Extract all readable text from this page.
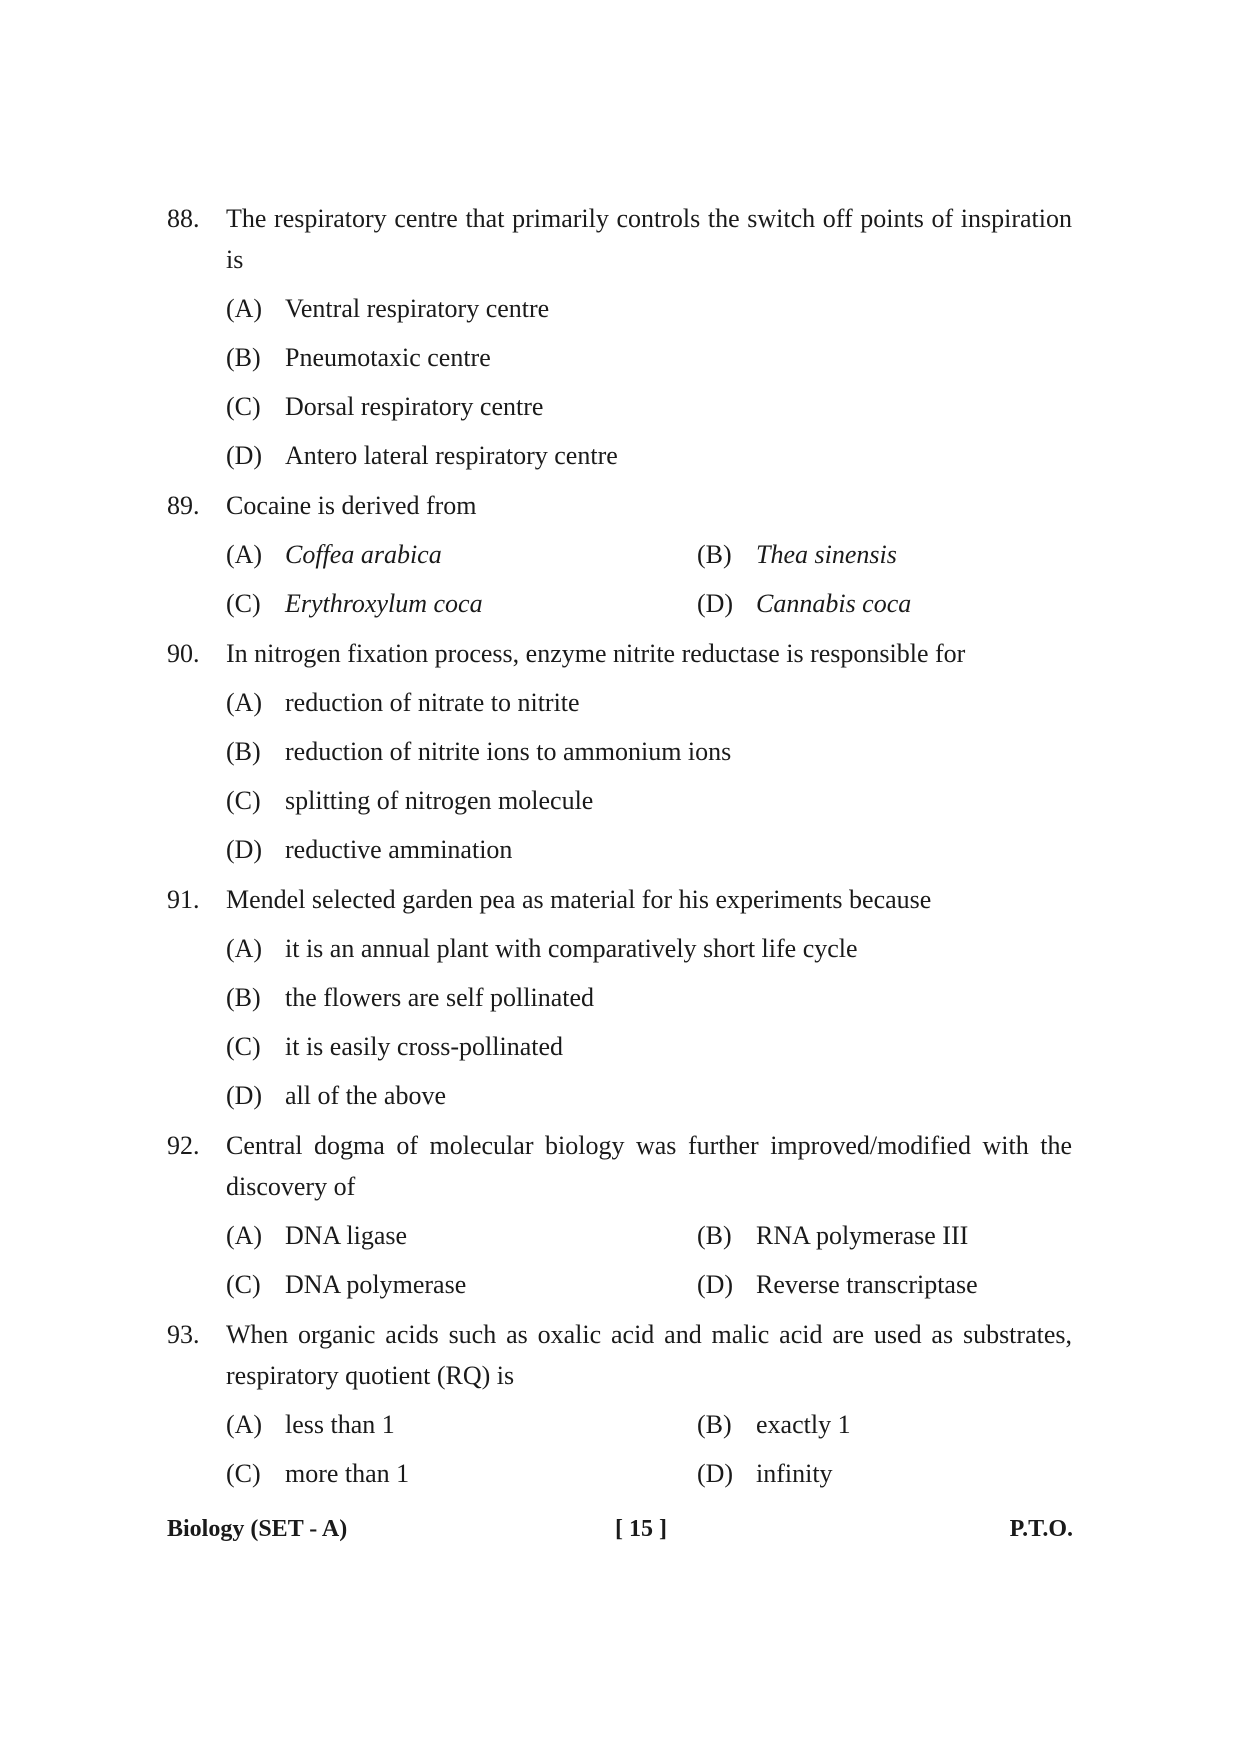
88.	The respiratory centre that primarily controls the switch off points of inspiration is
(A) Ventral respiratory centre
(B) Pneumotaxic centre
(C) Dorsal respiratory centre
(D) Antero lateral respiratory centre
89.	Cocaine is derived from
(A) Coffea arabica	(B) Thea sinensis
(C) Erythroxylum coca	(D) Cannabis coca
90.	In nitrogen fixation process, enzyme nitrite reductase is responsible for
(A) reduction of nitrate to nitrite
(B) reduction of nitrite ions to ammonium ions
(C) splitting of nitrogen molecule
(D) reductive ammination
91.	Mendel selected garden pea as material for his experiments because
(A) it is an annual plant with comparatively short life cycle
(B) the flowers are self pollinated
(C) it is easily cross-pollinated
(D) all of the above
92.	Central dogma of molecular biology was further improved/modified with the discovery of
(A) DNA ligase	(B) RNA polymerase III
(C) DNA polymerase	(D) Reverse transcriptase
93.	When organic acids such as oxalic acid and malic acid are used as substrates, respiratory quotient (RQ) is
(A) less than 1	(B) exactly 1
(C) more than 1	(D) infinity
Biology (SET - A)	[ 15 ]	P.T.O.
